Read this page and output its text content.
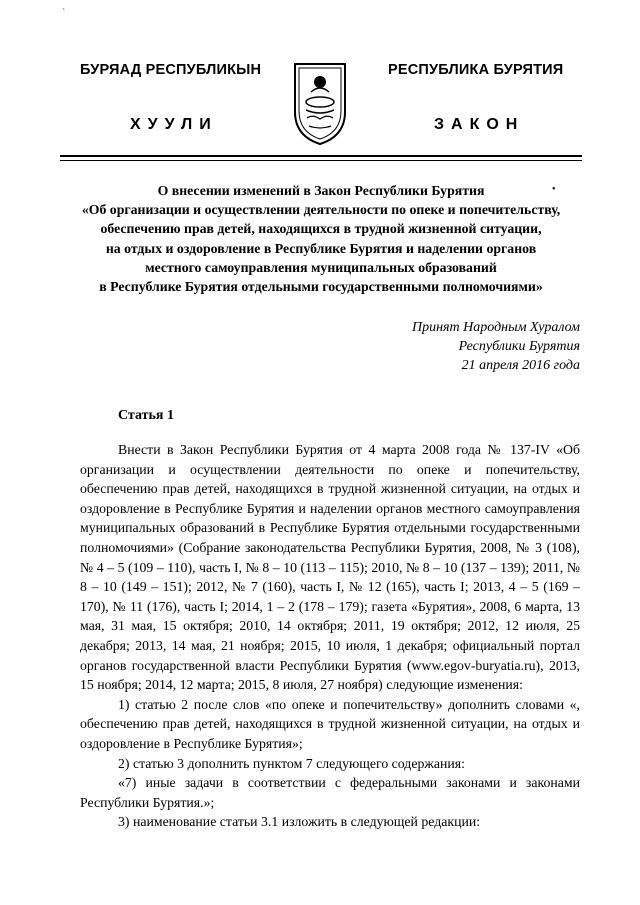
`
БУРЯАД РЕСПУБЛИКЫН	РЕСПУБЛИКА БУРЯТИЯ
ХУУЛИ	ЗАКОН
•
О внесении изменений в Закон Республики Бурятия
«Об организации и осуществлении деятельности по опеке и попечительству,
обеспечению прав детей, находящихся в трудной жизненной ситуации,
на отдых и оздоровление в Республике Бурятия и наделении органов
местного самоуправления муниципальных образований
в Республике Бурятия отдельными государственными полномочиями»
Принят Народным Хуралом
Республики Бурятия
21 апреля 2016 года
Статья 1

Внести в Закон Республики Бурятия от 4 марта 2008 года № 137-IV «Об организации и осуществлении деятельности по опеке и попечительству, обеспечению прав детей, находящихся в трудной жизненной ситуации, на отдых и оздоровление в Республике Бурятия и наделении органов местного самоуправления муниципальных образований в Республике Бурятия отдельными государственными полномочиями» (Собрание законодательства Республики Бурятия, 2008, № 3 (108), № 4 – 5 (109 – 110), часть I, № 8 – 10 (113 – 115); 2010, № 8 – 10 (137 – 139); 2011, № 8 – 10 (149 – 151); 2012, № 7 (160), часть I, № 12 (165), часть I; 2013, 4 – 5 (169 – 170), № 11 (176), часть I; 2014, 1 – 2 (178 – 179); газета «Бурятия», 2008, 6 марта, 13 мая, 31 мая, 15 октября; 2010, 14 октября; 2011, 19 октября; 2012, 12 июля, 25 декабря; 2013, 14 мая, 21 ноября; 2015, 10 июля, 1 декабря; официальный портал органов государственной власти Республики Бурятия (www.egov-buryatia.ru), 2013, 15 ноября; 2014, 12 марта; 2015, 8 июля, 27 ноября) следующие изменения:

1) статью 2 после слов «по опеке и попечительству» дополнить словами «, обеспечению прав детей, находящихся в трудной жизненной ситуации, на отдых и оздоровление в Республике Бурятия»;

2) статью 3 дополнить пунктом 7 следующего содержания:

«7) иные задачи в соответствии с федеральными законами и законами Республики Бурятия.»;

3) наименование статьи 3.1 изложить в следующей редакции:
